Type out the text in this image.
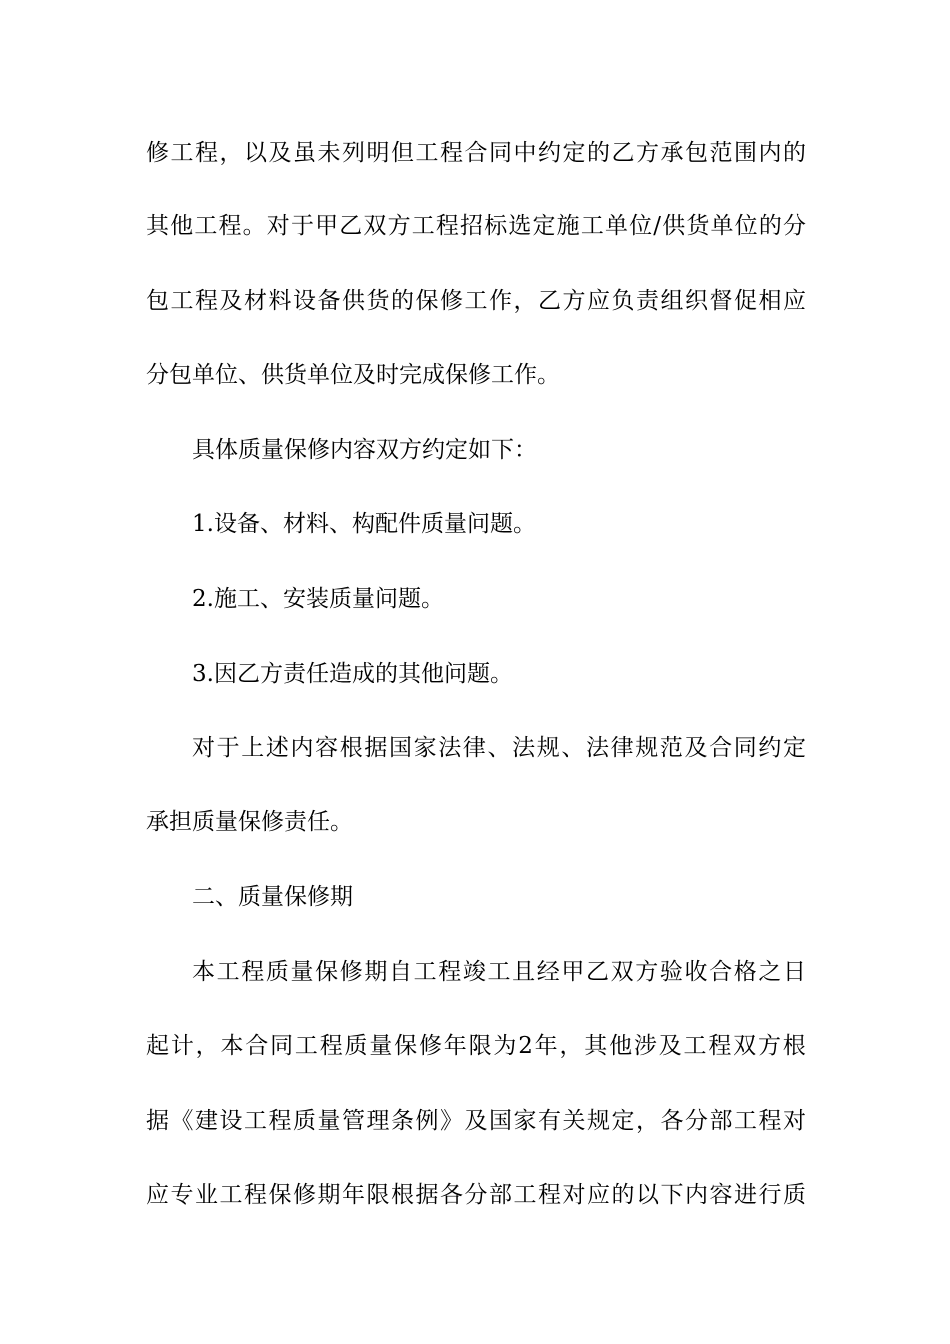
修 工 程 ， 以 及 虽 未 列 明 但 工 程 合 同 中 约 定 的 乙 方 承 包 范 围 内 的
其 他 工 程 。 对 于 甲 乙 双 方 工 程 招 标 选 定 施 工 单 位 / 供 货 单 位 的 分
包 工 程 及 材 料 设 备 供 货 的 保 修 工 作 ， 乙 方 应 负 责 组 织 督 促 相 应
分包单位、供货单位及时完成保修工作。
具体质量保修内容双方约定如下：
1.设备、材料、构配件质量问题。
2.施工、安装质量问题。
3.因乙方责任造成的其他问题。
对 于 上 述 内 容 根 据 国 家 法 律 、 法 规 、 法 律 规 范 及 合 同 约 定
承担质量保修责任。
二、质量保修期
本 工 程 质 量 保 修 期 自 工 程 竣 工 且 经 甲 乙 双 方 验 收 合 格 之 日
起 计 ， 本 合 同 工 程 质 量 保 修 年 限 为 2 年 ， 其 他 涉 及 工 程 双 方 根
据 《 建 设 工 程 质 量 管 理 条 例 》 及 国 家 有 关 规 定 ， 各 分 部 工 程 对
应 专 业 工 程 保 修 期 年 限 根 据 各 分 部 工 程 对 应 的 以 下 内 容 进 行 质
